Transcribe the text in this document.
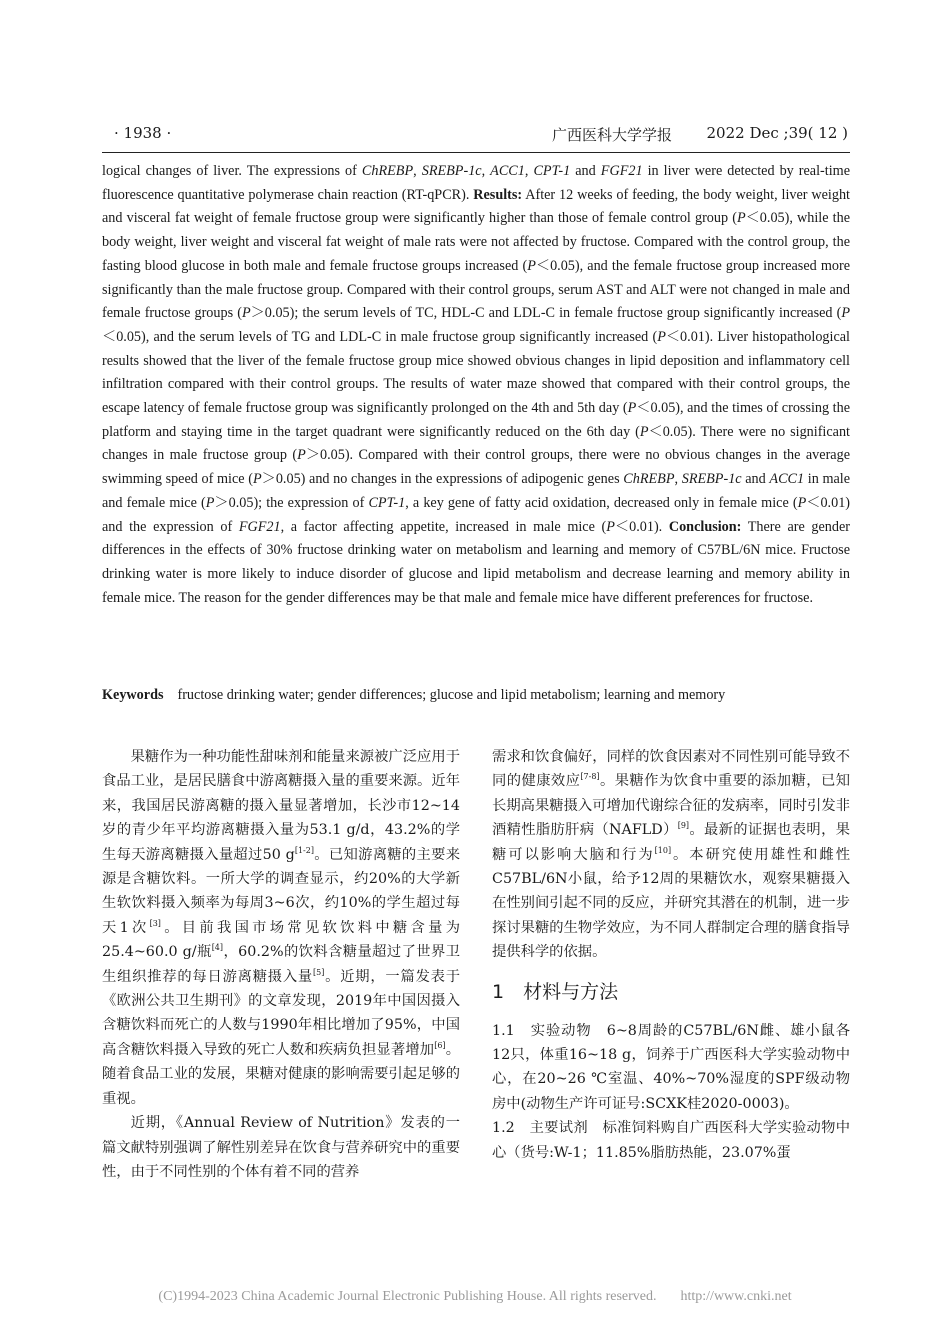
· 1938 ·	广西医科大学学报 2022 Dec ;39( 12 )

logical changes of liver. The expressions of ChREBP, SREBP-1c, ACC1, CPT-1 and FGF21 in liver were detected by real-time fluorescence quantitative polymerase chain reaction (RT-qPCR). Results: After 12 weeks of feeding, the body weight, liver weight and visceral fat weight of female fructose group were significantly higher than those of female control group (P＜0.05), while the body weight, liver weight and visceral fat weight of male rats were not affected by fructose. Compared with the control group, the fasting blood glucose in both male and female fructose groups increased (P＜0.05), and the female fructose group increased more significantly than the male fructose group. Compared with their control groups, serum AST and ALT were not changed in male and female fructose groups (P＞0.05); the serum levels of TC, HDL-C and LDL-C in female fructose group significantly increased (P＜0.05), and the serum levels of TG and LDL-C in male fructose group significantly increased (P＜0.01). Liver histopathological results showed that the liver of the female fructose group mice showed obvious changes in lipid deposition and inflammatory cell infiltration compared with their control groups. The results of water maze showed that compared with their control groups, the escape latency of female fructose group was significantly prolonged on the 4th and 5th day (P＜0.05), and the times of crossing the platform and staying time in the target quadrant were significantly reduced on the 6th day (P＜0.05). There were no significant changes in male fructose group (P＞0.05). Compared with their control groups, there were no obvious changes in the average swimming speed of mice (P＞0.05) and no changes in the expressions of adipogenic genes ChREBP, SREBP-1c and ACC1 in male and female mice (P＞0.05); the expression of CPT-1, a key gene of fatty acid oxidation, decreased only in female mice (P＜0.01) and the expression of FGF21, a factor affecting appetite, increased in male mice (P＜0.01). Conclusion: There are gender differences in the effects of 30% fructose drinking water on metabolism and learning and memory of C57BL/6N mice. Fructose drinking water is more likely to induce disorder of glucose and lipid metabolism and decrease learning and memory ability in female mice. The reason for the gender differences may be that male and female mice have different preferences for fructose.

Keywords fructose drinking water; gender differences; glucose and lipid metabolism; learning and memory

果糖作为一种功能性甜味剂和能量来源被广泛应用于食品工业，是居民膳食中游离糖摄入量的重要来源。近年来，我国居民游离糖的摄入量显著增加，长沙市12~14岁的青少年平均游离糖摄入量为53.1 g/d，43.2%的学生每天游离糖摄入量超过50 g[1-2]。已知游离糖的主要来源是含糖饮料。一所大学的调查显示，约20%的大学新生软饮料摄入频率为每周3~6次，约10%的学生超过每天1次[3]。目前我国市场常见软饮料中糖含量为25.4~60.0 g/瓶[4]，60.2%的饮料含糖量超过了世界卫生组织推荐的每日游离糖摄入量[5]。近期，一篇发表于《欧洲公共卫生期刊》的文章发现，2019年中国因摄入含糖饮料而死亡的人数与1990年相比增加了95%，中国高含糖饮料摄入导致的死亡人数和疾病负担显著增加[6]。随着食品工业的发展，果糖对健康的影响需要引起足够的重视。

近期，《Annual Review of Nutrition》发表的一篇文献特别强调了解性别差异在饮食与营养研究中的重要性，由于不同性别的个体有着不同的营养

需求和饮食偏好，同样的饮食因素对不同性别可能导致不同的健康效应[7-8]。果糖作为饮食中重要的添加糖，已知长期高果糖摄入可增加代谢综合征的发病率，同时引发非酒精性脂肪肝病（NAFLD）[9]。最新的证据也表明，果糖可以影响大脑和行为[10]。本研究使用雄性和雌性C57BL/6N小鼠，给予12周的果糖饮水，观察果糖摄入在性别间引起不同的反应，并研究其潜在的机制，进一步探讨果糖的生物学效应，为不同人群制定合理的膳食指导提供科学的依据。

1　材料与方法

1.1　实验动物　6~8周龄的C57BL/6N雌、雄小鼠各12只，体重16~18 g，饲养于广西医科大学实验动物中心，在20~26 ℃室温、40%~70%湿度的SPF级动物房中(动物生产许可证号:SCXK桂2020-0003)。

1.2　主要试剂　标准饲料购自广西医科大学实验动物中心（货号:W-1；11.85%脂肪热能，23.07%蛋

(C)1994-2023 China Academic Journal Electronic Publishing House. All rights reserved. http://www.cnki.net
